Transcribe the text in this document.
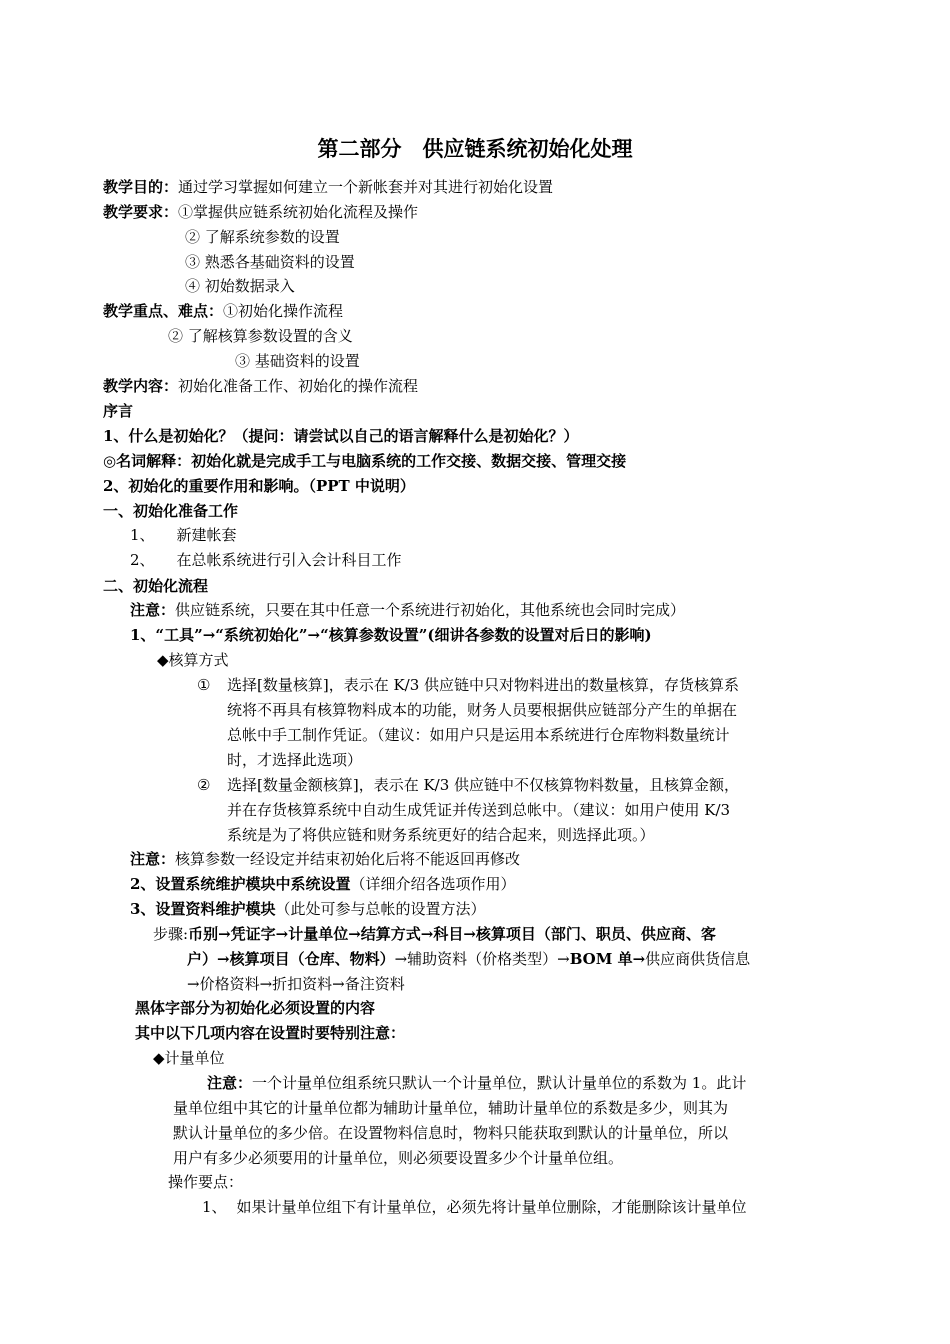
第二部分　供应链系统初始化处理
教学目的：通过学习掌握如何建立一个新帐套并对其进行初始化设置
教学要求：①掌握供应链系统初始化流程及操作
② 了解系统参数的设置
③ 熟悉各基础资料的设置
④ 初始数据录入
教学重点、难点：①初始化操作流程
② 了解核算参数设置的含义
③ 基础资料的设置
教学内容：初始化准备工作、初始化的操作流程
序言
1、什么是初始化？（提问：请尝试以自己的语言解释什么是初始化？）
◎名词解释：初始化就是完成手工与电脑系统的工作交接、数据交接、管理交接
2、初始化的重要作用和影响。（PPT 中说明）
一、初始化准备工作
1、 新建帐套
2、 在总帐系统进行引入会计科目工作
二、初始化流程
注意：供应链系统，只要在其中任意一个系统进行初始化，其他系统也会同时完成）
1、“工具”→“系统初始化”→“核算参数设置”(细讲各参数的设置对后日的影响)
◆核算方式
① 选择[数量核算]，表示在 K/3 供应链中只对物料进出的数量核算，存货核算系
统将不再具有核算物料成本的功能，财务人员要根据供应链部分产生的单据在
总帐中手工制作凭证。（建议：如用户只是运用本系统进行仓库物料数量统计
时，才选择此选项）
② 选择[数量金额核算]，表示在 K/3 供应链中不仅核算物料数量，且核算金额，
并在存货核算系统中自动生成凭证并传送到总帐中。（建议：如用户使用 K/3
系统是为了将供应链和财务系统更好的结合起来，则选择此项。）
注意：核算参数一经设定并结束初始化后将不能返回再修改
2、设置系统维护模块中系统设置（详细介绍各选项作用）
3、设置资料维护模块（此处可参与总帐的设置方法）
步骤:币别→凭证字→计量单位→结算方式→科目→核算项目（部门、职员、供应商、客
户）→核算项目（仓库、物料）→辅助资料（价格类型）→BOM 单→供应商供货信息
→价格资料→折扣资料→备注资料
黑体字部分为初始化必须设置的内容
其中以下几项内容在设置时要特别注意：
◆计量单位
注意：一个计量单位组系统只默认一个计量单位，默认计量单位的系数为 1。此计
量单位组中其它的计量单位都为辅助计量单位，辅助计量单位的系数是多少，则其为
默认计量单位的多少倍。在设置物料信息时，物料只能获取到默认的计量单位，所以
用户有多少必须要用的计量单位，则必须要设置多少个计量单位组。
操作要点：
1、 如果计量单位组下有计量单位，必须先将计量单位删除，才能删除该计量单位
